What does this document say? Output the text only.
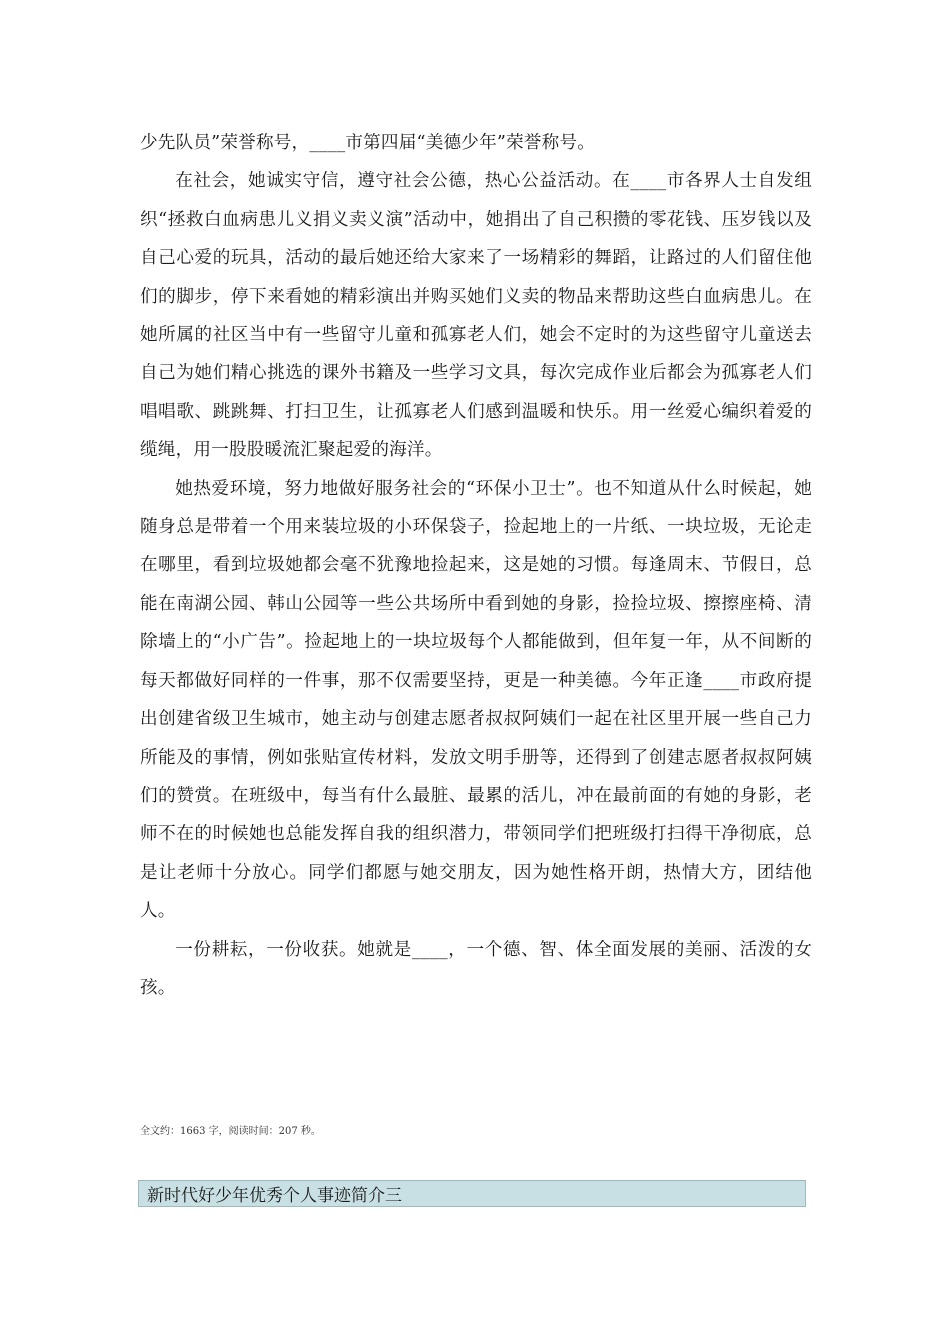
少先队员”荣誉称号，____市第四届“美德少年”荣誉称号。

在社会，她诚实守信，遵守社会公德，热心公益活动。在____市各界人士自发组织“拯救白血病患儿义捐义卖义演”活动中，她捐出了自己积攒的零花钱、压岁钱以及自己心爱的玩具，活动的最后她还给大家来了一场精彩的舞蹈，让路过的人们留住他们的脚步，停下来看她的精彩演出并购买她们义卖的物品来帮助这些白血病患儿。在她所属的社区当中有一些留守儿童和孤寡老人们，她会不定时的为这些留守儿童送去自己为她们精心挑选的课外书籍及一些学习文具，每次完成作业后都会为孤寡老人们唱唱歌、跳跳舞、打扫卫生，让孤寡老人们感到温暖和快乐。用一丝爱心编织着爱的缆绳，用一股股暖流汇聚起爱的海洋。

她热爱环境，努力地做好服务社会的“环保小卫士”。也不知道从什么时候起，她随身总是带着一个用来装垃圾的小环保袋子，捡起地上的一片纸、一块垃圾，无论走在哪里，看到垃圾她都会毫不犹豫地捡起来，这是她的习惯。每逢周末、节假日，总能在南湖公园、韩山公园等一些公共场所中看到她的身影，捡捡垃圾、擦擦座椅、清除墙上的“小广告”。捡起地上的一块垃圾每个人都能做到，但年复一年，从不间断的每天都做好同样的一件事，那不仅需要坚持，更是一种美德。今年正逢____市政府提出创建省级卫生城市，她主动与创建志愿者叔叔阿姨们一起在社区里开展一些自己力所能及的事情，例如张贴宣传材料，发放文明手册等，还得到了创建志愿者叔叔阿姨们的赞赏。在班级中，每当有什么最脏、最累的活儿，冲在最前面的有她的身影，老师不在的时候她也总能发挥自我的组织潜力，带领同学们把班级打扫得干净彻底，总是让老师十分放心。同学们都愿与她交朋友，因为她性格开朗，热情大方，团结他人。

一份耕耘，一份收获。她就是____，一个德、智、体全面发展的美丽、活泼的女孩。

全文约：1663 字，阅读时间：207 秒。
新时代好少年优秀个人事迹简介三
